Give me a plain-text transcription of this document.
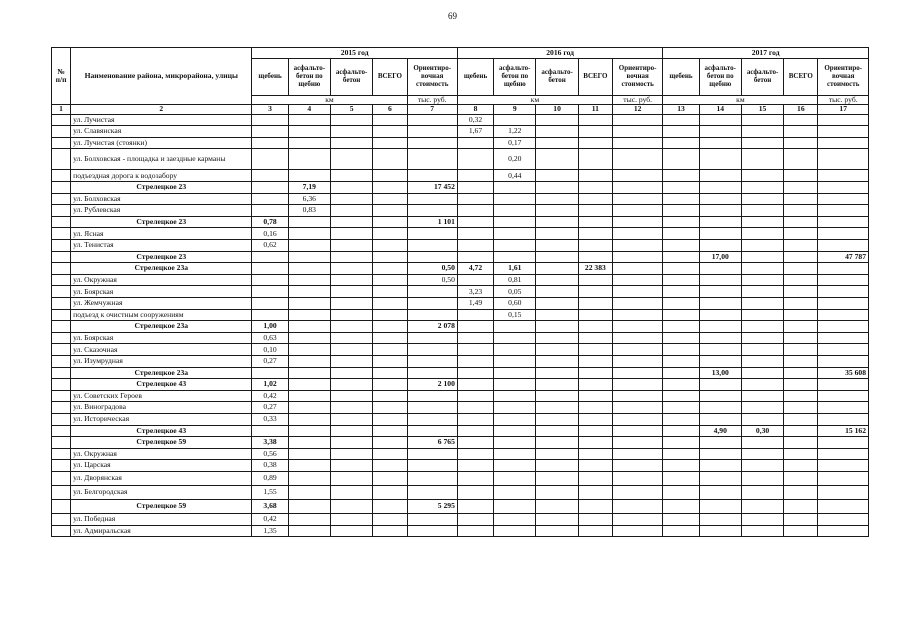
69
№ п/п	Наименование района, микрорайона, улицы	2015 год					2016 год					2017 год				
		щебень	асфальто-бетон по щебню	асфальто-бетон	ВСЕГО	Ориентиро-вочная стоимость	щебень	асфальто-бетон по щебню	асфальто-бетон	ВСЕГО	Ориентиро-вочная стоимость	щебень	асфальто-бетон по щебню	асфальто-бетон	ВСЕГО	Ориентиро-вочная стоимость
		км				тыс. руб.	км				тыс. руб.	км				тыс. руб.
1	2	3	4	5	6	7	8	9	10	11	12	13	14	15	16	17
	ул. Лучистая						0,32									
	ул. Славянская						1,67	1,22								
	ул. Лучистая (стоянки)							0,17								
	ул. Болховская - площадка и заездные карманы							0,20								
	подъездная дорога к водозабору							0,44								
	Стрелецкое 23		7,19			17 452										
	ул. Болховская		6,36													
	ул. Рублевская		0,83													
	Стрелецкое 23	0,78				1 101										
	ул. Ясная	0,16														
	ул. Тенистая	0,62														
	Стрелецкое 23												17,00			47 787
	Стрелецкое 23а					0,50	4,72	1,61		22 383						
	ул. Окружная					0,50		0,81								
	ул. Боярская						3,23	0,05								
	ул. Жемчужная						1,49	0,60								
	подъезд к очистным сооружениям							0,15								
	Стрелецкое 23а	1,00				2 078										
	ул. Боярская	0,63														
	ул. Сказочная	0,10														
	ул. Изумрудная	0,27														
	Стрелецкое 23а												13,00			35 608
	Стрелецкое 43	1,02				2 100										
	ул. Советских Героев	0,42														
	ул. Виноградова	0,27														
	ул. Историческая	0,33														
	Стрелецкое 43												4,90	0,30		15 162
	Стрелецкое 59	3,38				6 765										
	ул. Окружная	0,56														
	ул. Царская	0,38														
	ул. Дворянская	0,89														
	ул. Белгородская	1,55														
	Стрелецкое 59	3,68				5 295										
	ул. Победная	0,42														
	ул. Адмиральская	1,35														
